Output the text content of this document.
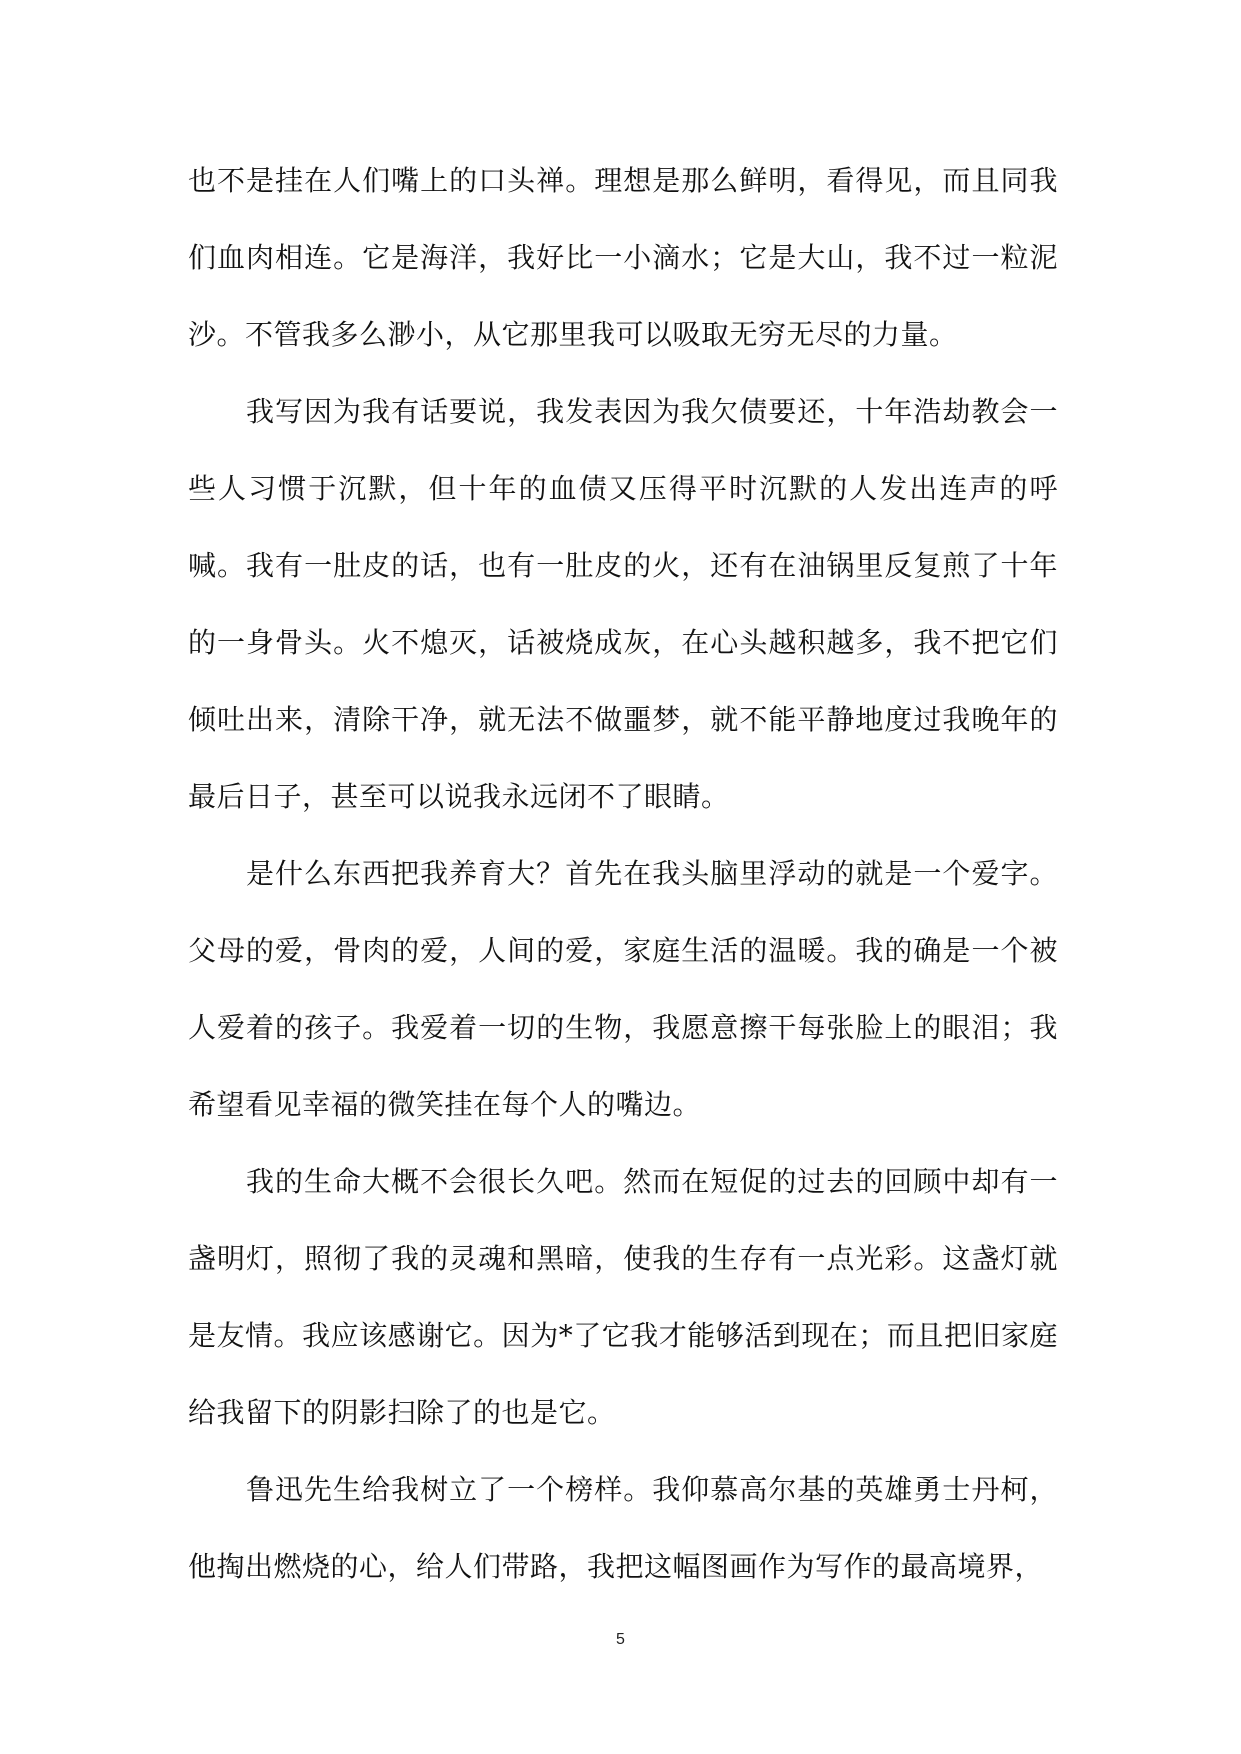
也不是挂在人们嘴上的口头禅。理想是那么鲜明，看得见，而且同我们血肉相连。它是海洋，我好比一小滴水；它是大山，我不过一粒泥沙。不管我多么渺小，从它那里我可以吸取无穷无尽的力量。

我写因为我有话要说，我发表因为我欠债要还，十年浩劫教会一些人习惯于沉默，但十年的血债又压得平时沉默的人发出连声的呼喊。我有一肚皮的话，也有一肚皮的火，还有在油锅里反复煎了十年的一身骨头。火不熄灭，话被烧成灰，在心头越积越多，我不把它们倾吐出来，清除干净，就无法不做噩梦，就不能平静地度过我晚年的最后日子，甚至可以说我永远闭不了眼睛。

是什么东西把我养育大？首先在我头脑里浮动的就是一个爱字。父母的爱，骨肉的爱，人间的爱，家庭生活的温暖。我的确是一个被人爱着的孩子。我爱着一切的生物，我愿意擦干每张脸上的眼泪；我希望看见幸福的微笑挂在每个人的嘴边。

我的生命大概不会很长久吧。然而在短促的过去的回顾中却有一盏明灯，照彻了我的灵魂和黑暗，使我的生存有一点光彩。这盏灯就是友情。我应该感谢它。因为*了它我才能够活到现在；而且把旧家庭给我留下的阴影扫除了的也是它。

鲁迅先生给我树立了一个榜样。我仰慕高尔基的英雄勇士丹柯，他掏出燃烧的心，给人们带路，我把这幅图画作为写作的最高境界，

5
